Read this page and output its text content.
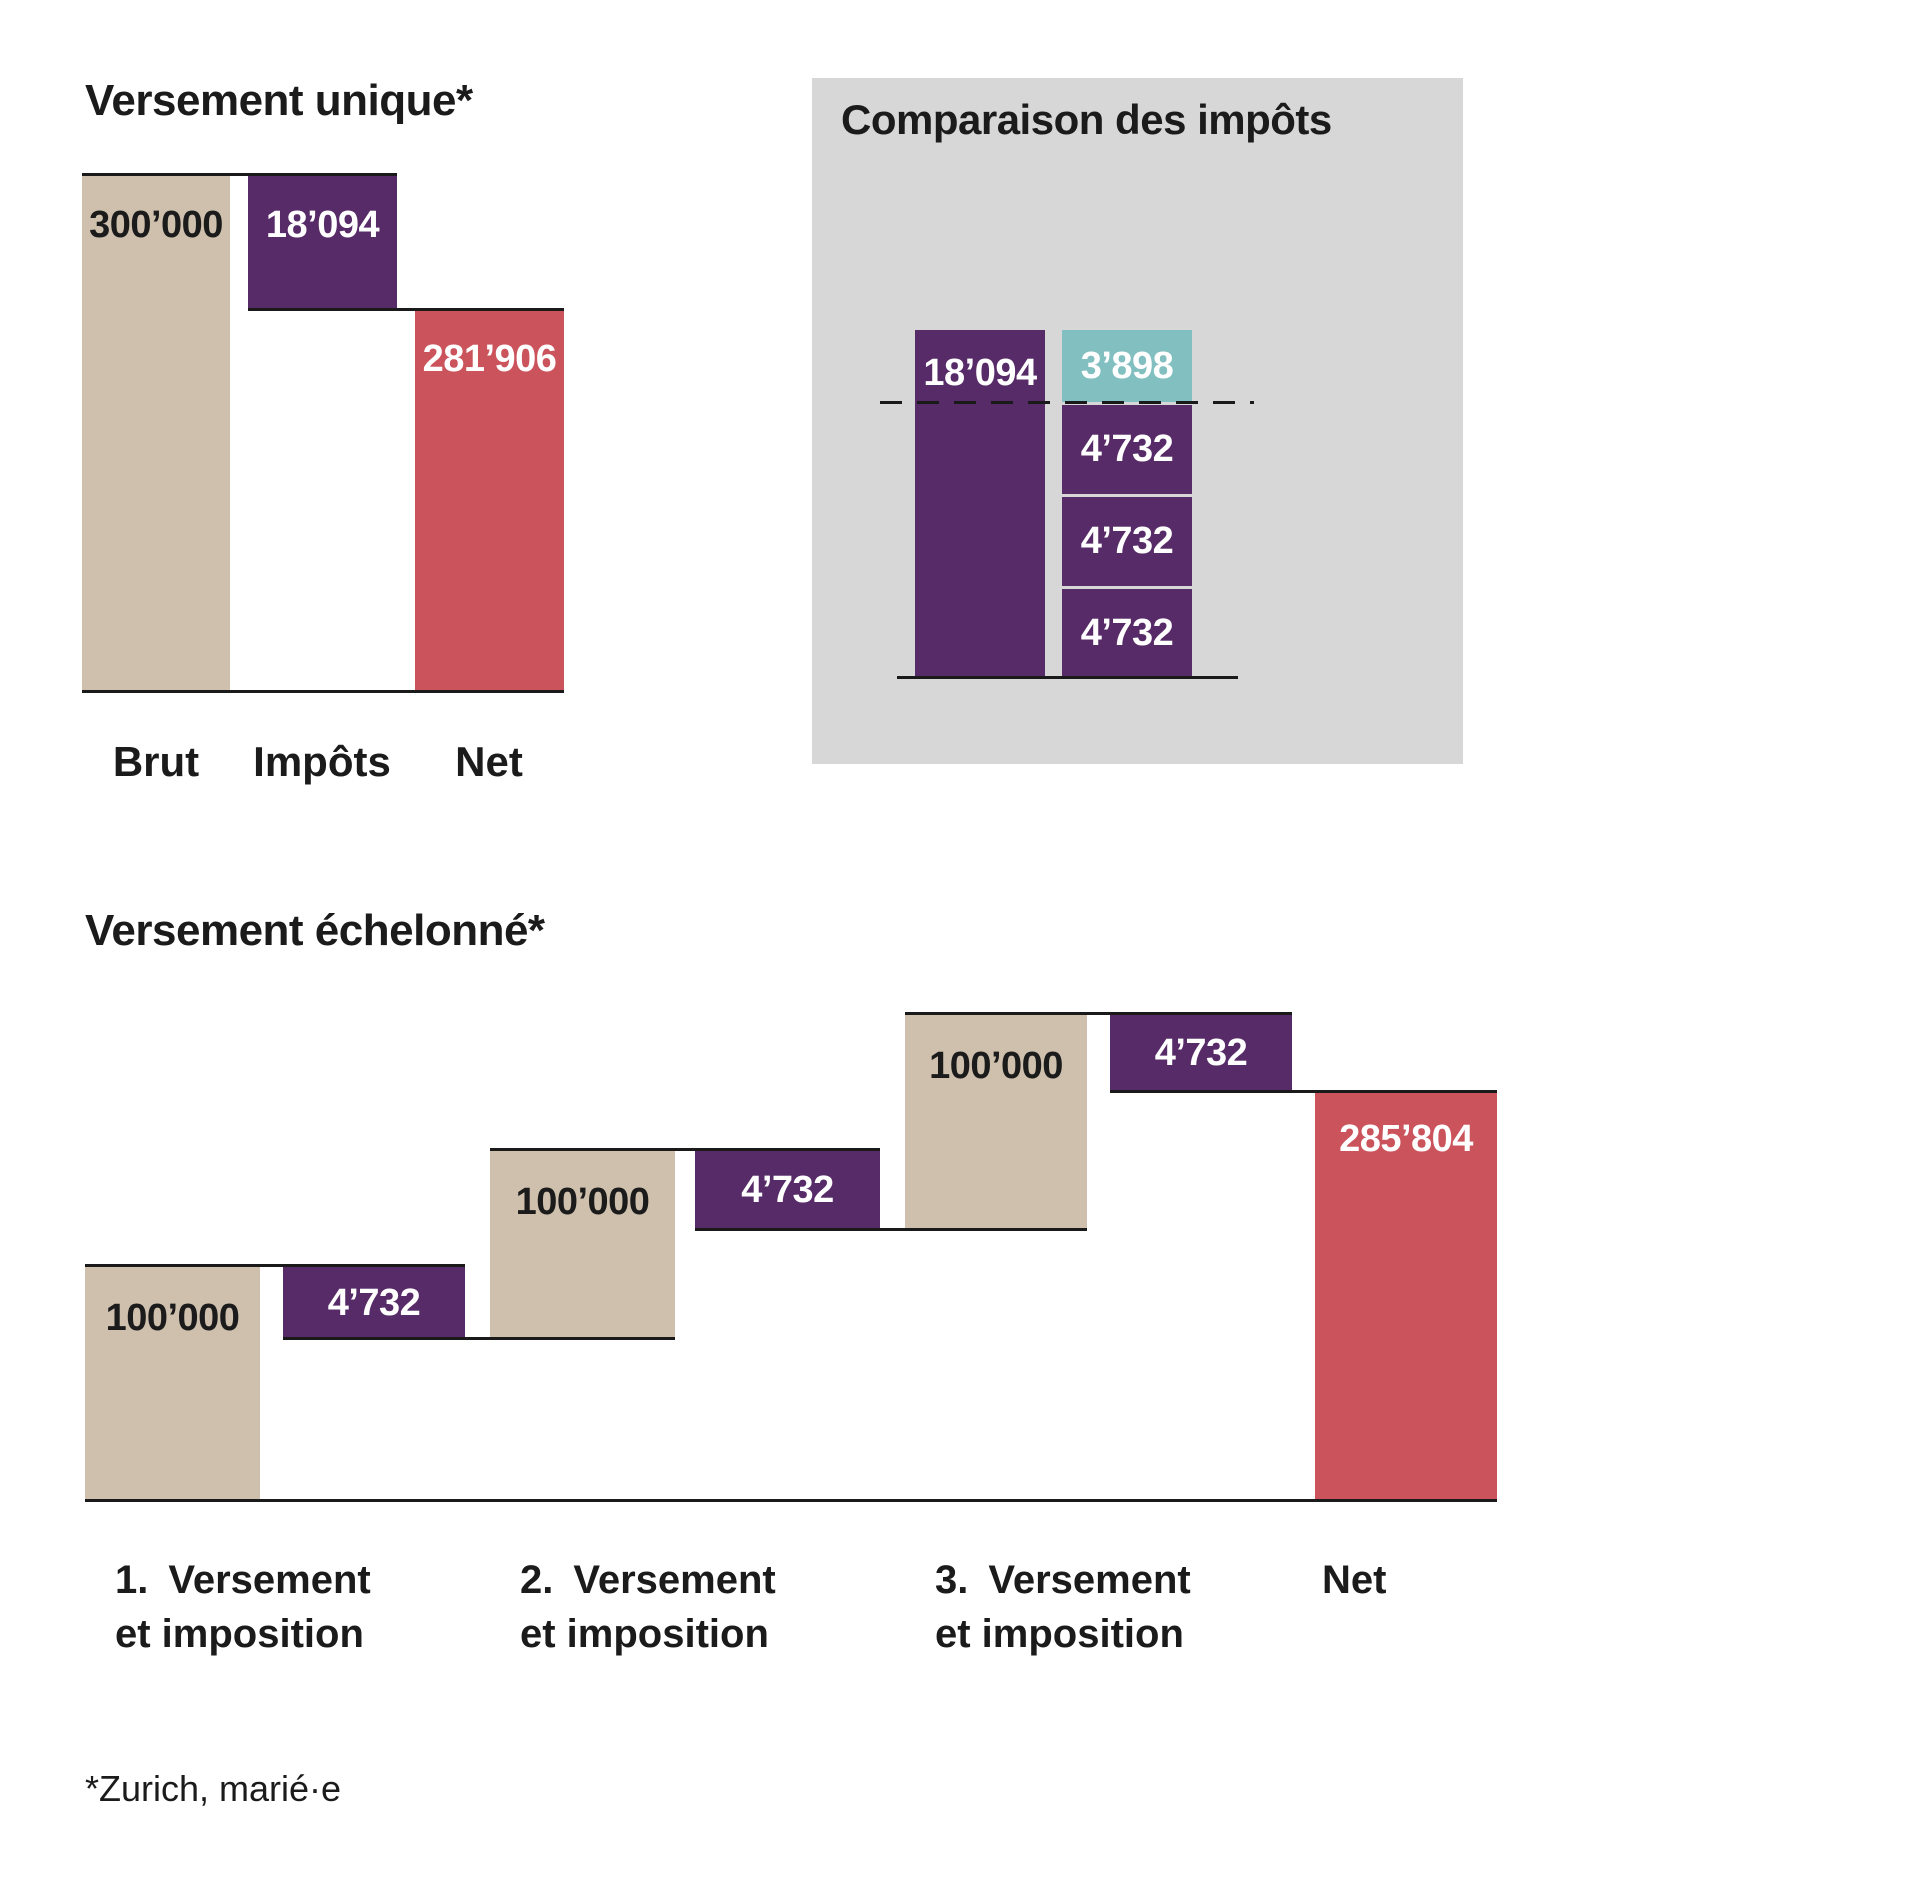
Versement unique*
300’000 18’094
281’906
Brut	Impôts	Net
Comparaison des impôts
18’094 3’898
4’732
4’732
4’732
Versement échelonné*
100’000 4’732
100’000 4’732
100’000 4’732
285’804
1. Versement
et imposition
2. Versement
et imposition
3. Versement
et imposition
Net
*Zurich, marié·e
